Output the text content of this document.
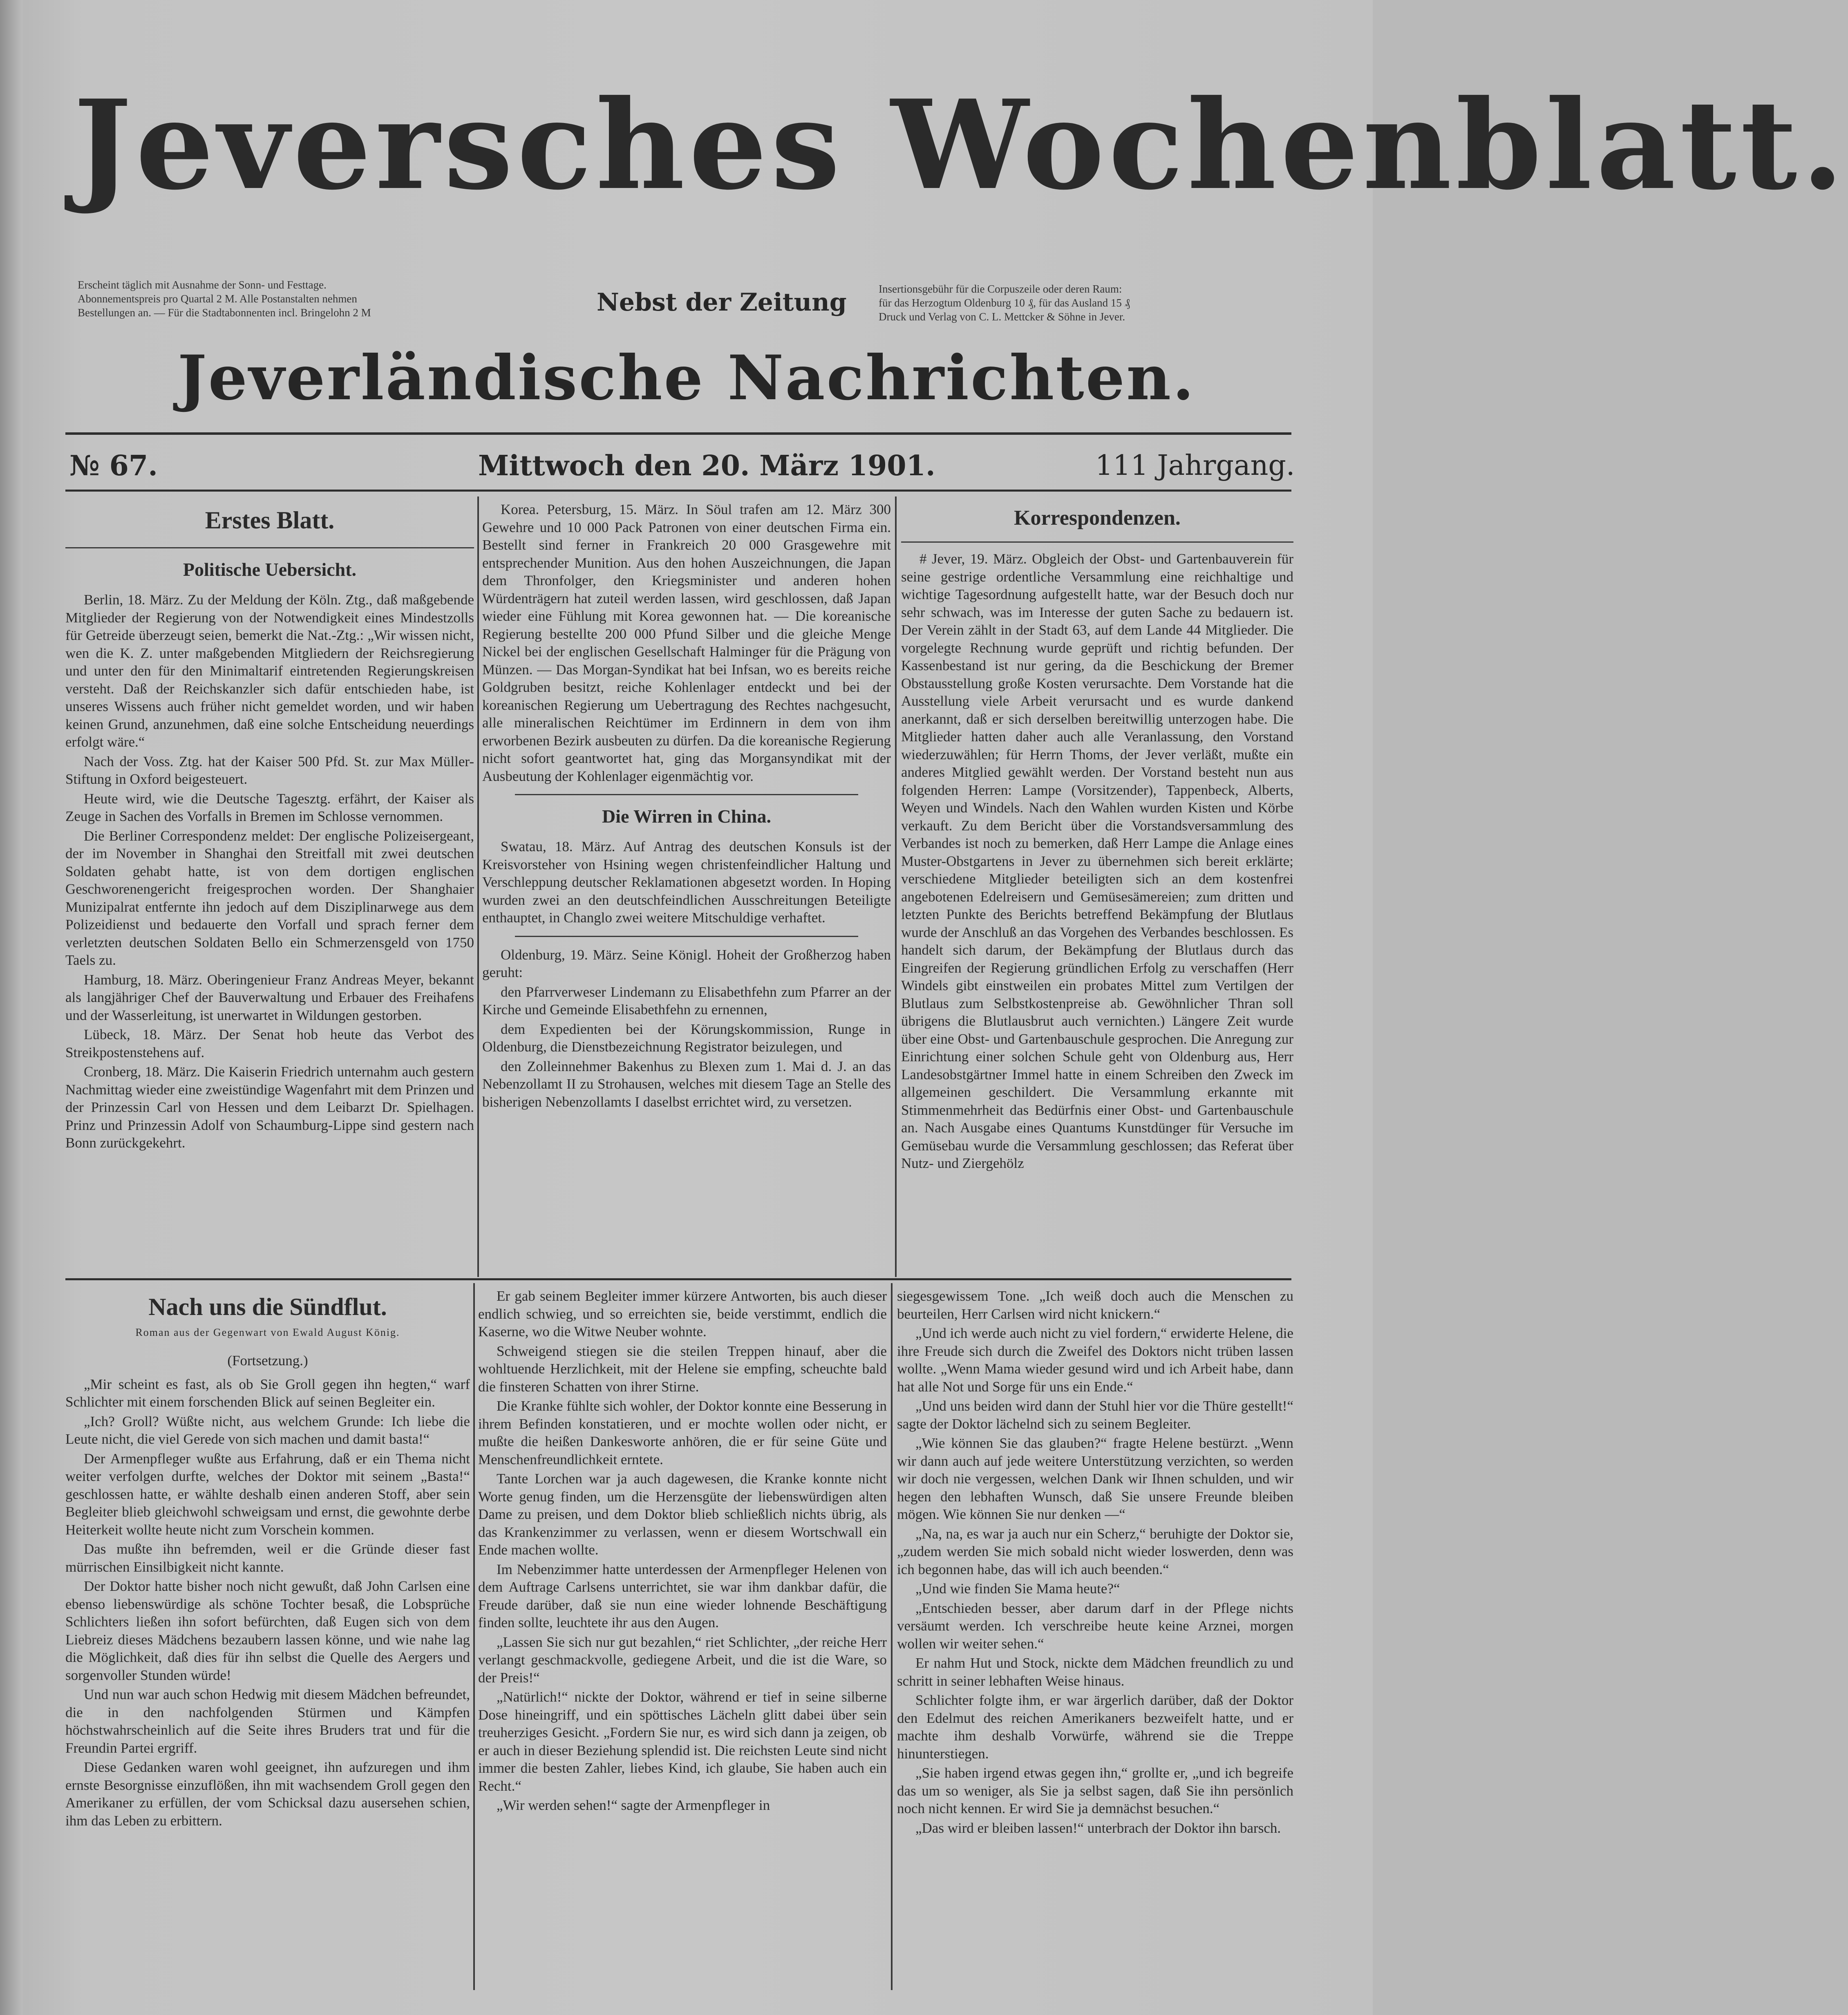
Jeversches Wochenblatt.

Erscheint täglich mit Ausnahme der Sonn- und Festtage.

Abonnementspreis pro Quartal 2 M. Alle Postanstalten nehmen

Bestellungen an. — Für die Stadtabonnenten incl. Bringelohn 2 M	Nebst der Zeitung	Insertionsgebühr für die Corpuszeile oder deren Raum:

für das Herzogtum Oldenburg 10 ₰, für das Ausland 15 ₰

Druck und Verlag von C. L. Mettcker & Söhne in Jever.

Jeverländische Nachrichten.
№ 67.	Mittwoch den 20. März 1901.	111 Jahrgang.
Erstes Blatt.
Politische Uebersicht.

Berlin, 18. März. Zu der Meldung der Köln. Ztg., daß maßgebende Mitglieder der Regierung von der Notwendigkeit eines Mindestzolls für Getreide überzeugt seien, bemerkt die Nat.-Ztg.: „Wir wissen nicht, wen die K. Z. unter maßgebenden Mitgliedern der Reichsregierung und unter den für den Minimaltarif eintretenden Regierungskreisen versteht. Daß der Reichskanzler sich dafür entschieden habe, ist unseres Wissens auch früher nicht gemeldet worden, und wir haben keinen Grund, anzunehmen, daß eine solche Entscheidung neuerdings erfolgt wäre.“

Nach der Voss. Ztg. hat der Kaiser 500 Pfd. St. zur Max Müller-Stiftung in Oxford beigesteuert.

Heute wird, wie die Deutsche Tagesztg. erfährt, der Kaiser als Zeuge in Sachen des Vorfalls in Bremen im Schlosse vernommen.

Die Berliner Correspondenz meldet: Der englische Polizeisergeant, der im November in Shanghai den Streitfall mit zwei deutschen Soldaten gehabt hatte, ist von dem dortigen englischen Geschworenengericht freigesprochen worden. Der Shanghaier Munizipalrat entfernte ihn jedoch auf dem Disziplinarwege aus dem Polizeidienst und bedauerte den Vorfall und sprach ferner dem verletzten deutschen Soldaten Bello ein Schmerzensgeld von 1750 Taels zu.

Hamburg, 18. März. Oberingenieur Franz Andreas Meyer, bekannt als langjähriger Chef der Bauverwaltung und Erbauer des Freihafens und der Wasserleitung, ist unerwartet in Wildungen gestorben.

Lübeck, 18. März. Der Senat hob heute das Verbot des Streikpostenstehens auf.

Cronberg, 18. März. Die Kaiserin Friedrich unternahm auch gestern Nachmittag wieder eine zweistündige Wagenfahrt mit dem Prinzen und der Prinzessin Carl von Hessen und dem Leibarzt Dr. Spielhagen. Prinz und Prinzessin Adolf von Schaumburg-Lippe sind gestern nach Bonn zurückgekehrt.

Korea. Petersburg, 15. März. In Söul trafen am 12. März 300 Gewehre und 10 000 Pack Patronen von einer deutschen Firma ein. Bestellt sind ferner in Frankreich 20 000 Grasgewehre mit entsprechender Munition. Aus den hohen Auszeichnungen, die Japan dem Thronfolger, den Kriegsminister und anderen hohen Würdenträgern hat zuteil werden lassen, wird geschlossen, daß Japan wieder eine Fühlung mit Korea gewonnen hat. — Die koreanische Regierung bestellte 200 000 Pfund Silber und die gleiche Menge Nickel bei der englischen Gesellschaft Halminger für die Prägung von Münzen. — Das Morgan-Syndikat hat bei Infsan, wo es bereits reiche Goldgruben besitzt, reiche Kohlenlager entdeckt und bei der koreanischen Regierung um Uebertragung des Rechtes nachgesucht, alle mineralischen Reichtümer im Erdinnern in dem von ihm erworbenen Bezirk ausbeuten zu dürfen. Da die koreanische Regierung nicht sofort geantwortet hat, ging das Morgansyndikat mit der Ausbeutung der Kohlenlager eigenmächtig vor.

Die Wirren in China.

Swatau, 18. März. Auf Antrag des deutschen Konsuls ist der Kreisvorsteher von Hsining wegen christenfeindlicher Haltung und Verschleppung deutscher Reklamationen abgesetzt worden. In Hoping wurden zwei an den deutschfeindlichen Ausschreitungen Beteiligte enthauptet, in Changlo zwei weitere Mitschuldige verhaftet.

Oldenburg, 19. März. Seine Königl. Hoheit der Großherzog haben geruht:

den Pfarrverweser Lindemann zu Elisabethfehn zum Pfarrer an der Kirche und Gemeinde Elisabethfehn zu ernennen,

dem Expedienten bei der Körungskommission, Runge in Oldenburg, die Dienstbezeichnung Registrator beizulegen, und

den Zolleinnehmer Bakenhus zu Blexen zum 1. Mai d. J. an das Nebenzollamt II zu Strohausen, welches mit diesem Tage an Stelle des bisherigen Nebenzollamts I daselbst errichtet wird, zu versetzen.

Korrespondenzen.

# Jever, 19. März. Obgleich der Obst- und Gartenbauverein für seine gestrige ordentliche Versammlung eine reichhaltige und wichtige Tagesordnung aufgestellt hatte, war der Besuch doch nur sehr schwach, was im Interesse der guten Sache zu bedauern ist. Der Verein zählt in der Stadt 63, auf dem Lande 44 Mitglieder. Die vorgelegte Rechnung wurde geprüft und richtig befunden. Der Kassenbestand ist nur gering, da die Beschickung der Bremer Obstausstellung große Kosten verursachte. Dem Vorstande hat die Ausstellung viele Arbeit verursacht und es wurde dankend anerkannt, daß er sich derselben bereitwillig unterzogen habe. Die Mitglieder hatten daher auch alle Veranlassung, den Vorstand wiederzuwählen; für Herrn Thoms, der Jever verläßt, mußte ein anderes Mitglied gewählt werden. Der Vorstand besteht nun aus folgenden Herren: Lampe (Vorsitzender), Tappenbeck, Alberts, Weyen und Windels. Nach den Wahlen wurden Kisten und Körbe verkauft. Zu dem Bericht über die Vorstandsversammlung des Verbandes ist noch zu bemerken, daß Herr Lampe die Anlage eines Muster-Obstgartens in Jever zu übernehmen sich bereit erklärte; verschiedene Mitglieder beteiligten sich an dem kostenfrei angebotenen Edelreisern und Gemüsesämereien; zum dritten und letzten Punkte des Berichts betreffend Bekämpfung der Blutlaus wurde der Anschluß an das Vorgehen des Verbandes beschlossen. Es handelt sich darum, der Bekämpfung der Blutlaus durch das Eingreifen der Regierung gründlichen Erfolg zu verschaffen (Herr Windels gibt einstweilen ein probates Mittel zum Vertilgen der Blutlaus zum Selbstkostenpreise ab. Gewöhnlicher Thran soll übrigens die Blutlausbrut auch vernichten.) Längere Zeit wurde über eine Obst- und Gartenbauschule gesprochen. Die Anregung zur Einrichtung einer solchen Schule geht von Oldenburg aus, Herr Landesobstgärtner Immel hatte in einem Schreiben den Zweck im allgemeinen geschildert. Die Versammlung erkannte mit Stimmenmehrheit das Bedürfnis einer Obst- und Gartenbauschule an. Nach Ausgabe eines Quantums Kunstdünger für Versuche im Gemüsebau wurde die Versammlung geschlossen; das Referat über Nutz- und Ziergehölz

Nach uns die Sündflut.
Roman aus der Gegenwart von Ewald August König.
(Fortsetzung.)

„Mir scheint es fast, als ob Sie Groll gegen ihn hegten,“ warf Schlichter mit einem forschenden Blick auf seinen Begleiter ein.

„Ich? Groll? Wüßte nicht, aus welchem Grunde: Ich liebe die Leute nicht, die viel Gerede von sich machen und damit basta!“

Der Armenpfleger wußte aus Erfahrung, daß er ein Thema nicht weiter verfolgen durfte, welches der Doktor mit seinem „Basta!“ geschlossen hatte, er wählte deshalb einen anderen Stoff, aber sein Begleiter blieb gleichwohl schweigsam und ernst, die gewohnte derbe Heiterkeit wollte heute nicht zum Vorschein kommen.

Das mußte ihn befremden, weil er die Gründe dieser fast mürrischen Einsilbigkeit nicht kannte.

Der Doktor hatte bisher noch nicht gewußt, daß John Carlsen eine ebenso liebenswürdige als schöne Tochter besaß, die Lobsprüche Schlichters ließen ihn sofort befürchten, daß Eugen sich von dem Liebreiz dieses Mädchens bezaubern lassen könne, und wie nahe lag die Möglichkeit, daß dies für ihn selbst die Quelle des Aergers und sorgenvoller Stunden würde!

Und nun war auch schon Hedwig mit diesem Mädchen befreundet, die in den nachfolgenden Stürmen und Kämpfen höchstwahrscheinlich auf die Seite ihres Bruders trat und für die Freundin Partei ergriff.

Diese Gedanken waren wohl geeignet, ihn aufzuregen und ihm ernste Besorgnisse einzuflößen, ihn mit wachsendem Groll gegen den Amerikaner zu erfüllen, der vom Schicksal dazu ausersehen schien, ihm das Leben zu erbittern.

Er gab seinem Begleiter immer kürzere Antworten, bis auch dieser endlich schwieg, und so erreichten sie, beide verstimmt, endlich die Kaserne, wo die Witwe Neuber wohnte.

Schweigend stiegen sie die steilen Treppen hinauf, aber die wohltuende Herzlichkeit, mit der Helene sie empfing, scheuchte bald die finsteren Schatten von ihrer Stirne.

Die Kranke fühlte sich wohler, der Doktor konnte eine Besserung in ihrem Befinden konstatieren, und er mochte wollen oder nicht, er mußte die heißen Dankesworte anhören, die er für seine Güte und Menschenfreundlichkeit erntete.

Tante Lorchen war ja auch dagewesen, die Kranke konnte nicht Worte genug finden, um die Herzensgüte der liebenswürdigen alten Dame zu preisen, und dem Doktor blieb schließlich nichts übrig, als das Krankenzimmer zu verlassen, wenn er diesem Wortschwall ein Ende machen wollte.

Im Nebenzimmer hatte unterdessen der Armenpfleger Helenen von dem Auftrage Carlsens unterrichtet, sie war ihm dankbar dafür, die Freude darüber, daß sie nun eine wieder lohnende Beschäftigung finden sollte, leuchtete ihr aus den Augen.

„Lassen Sie sich nur gut bezahlen,“ riet Schlichter, „der reiche Herr verlangt geschmackvolle, gediegene Arbeit, und die ist die Ware, so der Preis!“

„Natürlich!“ nickte der Doktor, während er tief in seine silberne Dose hineingriff, und ein spöttisches Lächeln glitt dabei über sein treuherziges Gesicht. „Fordern Sie nur, es wird sich dann ja zeigen, ob er auch in dieser Beziehung splendid ist. Die reichsten Leute sind nicht immer die besten Zahler, liebes Kind, ich glaube, Sie haben auch ein Recht.“

„Wir werden sehen!“ sagte der Armenpfleger in

siegesgewissem Tone. „Ich weiß doch auch die Menschen zu beurteilen, Herr Carlsen wird nicht knickern.“

„Und ich werde auch nicht zu viel fordern,“ erwiderte Helene, die ihre Freude sich durch die Zweifel des Doktors nicht trüben lassen wollte. „Wenn Mama wieder gesund wird und ich Arbeit habe, dann hat alle Not und Sorge für uns ein Ende.“

„Und uns beiden wird dann der Stuhl hier vor die Thüre gestellt!“ sagte der Doktor lächelnd sich zu seinem Begleiter.

„Wie können Sie das glauben?“ fragte Helene bestürzt. „Wenn wir dann auch auf jede weitere Unterstützung verzichten, so werden wir doch nie vergessen, welchen Dank wir Ihnen schulden, und wir hegen den lebhaften Wunsch, daß Sie unsere Freunde bleiben mögen. Wie können Sie nur denken —“

„Na, na, es war ja auch nur ein Scherz,“ beruhigte der Doktor sie, „zudem werden Sie mich sobald nicht wieder loswerden, denn was ich begonnen habe, das will ich auch beenden.“

„Und wie finden Sie Mama heute?“

„Entschieden besser, aber darum darf in der Pflege nichts versäumt werden. Ich verschreibe heute keine Arznei, morgen wollen wir weiter sehen.“

Er nahm Hut und Stock, nickte dem Mädchen freundlich zu und schritt in seiner lebhaften Weise hinaus.

Schlichter folgte ihm, er war ärgerlich darüber, daß der Doktor den Edelmut des reichen Amerikaners bezweifelt hatte, und er machte ihm deshalb Vorwürfe, während sie die Treppe hinunterstiegen.

„Sie haben irgend etwas gegen ihn,“ grollte er, „und ich begreife das um so weniger, als Sie ja selbst sagen, daß Sie ihn persönlich noch nicht kennen. Er wird Sie ja demnächst besuchen.“

„Das wird er bleiben lassen!“ unterbrach der Doktor ihn barsch.
